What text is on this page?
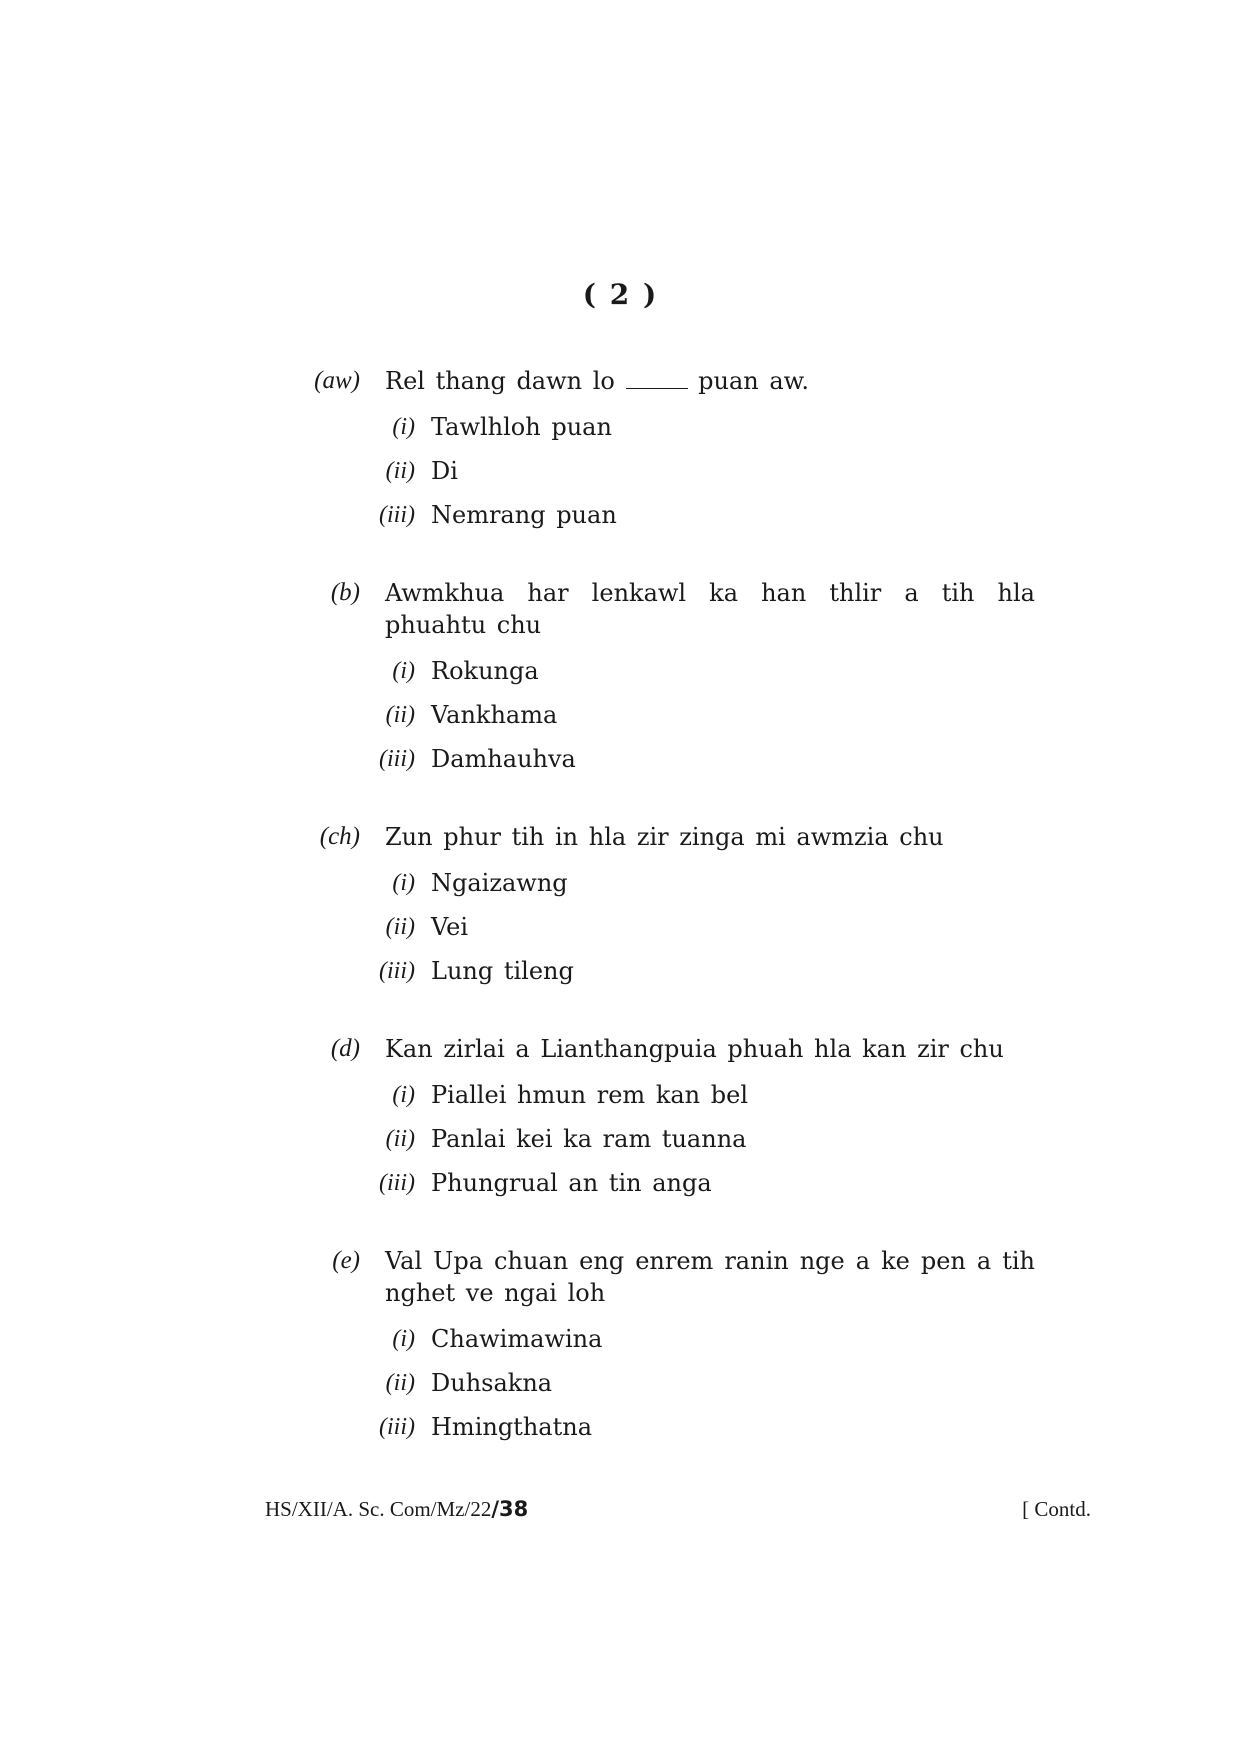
( 2 )
(aw) Rel thang dawn lo	puan aw.
(i) Tawlhloh puan
(ii) Di
(iii) Nemrang puan
(b) Awmkhua har lenkawl ka han thlir a tih hla phuahtu chu
(i) Rokunga
(ii) Vankhama
(iii) Damhauhva
(ch) Zun phur tih in hla zir zinga mi awmzia chu
(i) Ngaizawng
(ii) Vei
(iii) Lung tileng
(d) Kan zirlai a Lianthangpuia phuah hla kan zir chu
(i) Piallei hmun rem kan bel
(ii) Panlai kei ka ram tuanna
(iii) Phungrual an tin anga
(e) Val Upa chuan eng enrem ranin nge a ke pen a tih nghet ve ngai loh
(i) Chawimawina
(ii) Duhsakna
(iii) Hmingthatna
HS/XII/A. Sc. Com/Mz/22/38	[ Contd.
